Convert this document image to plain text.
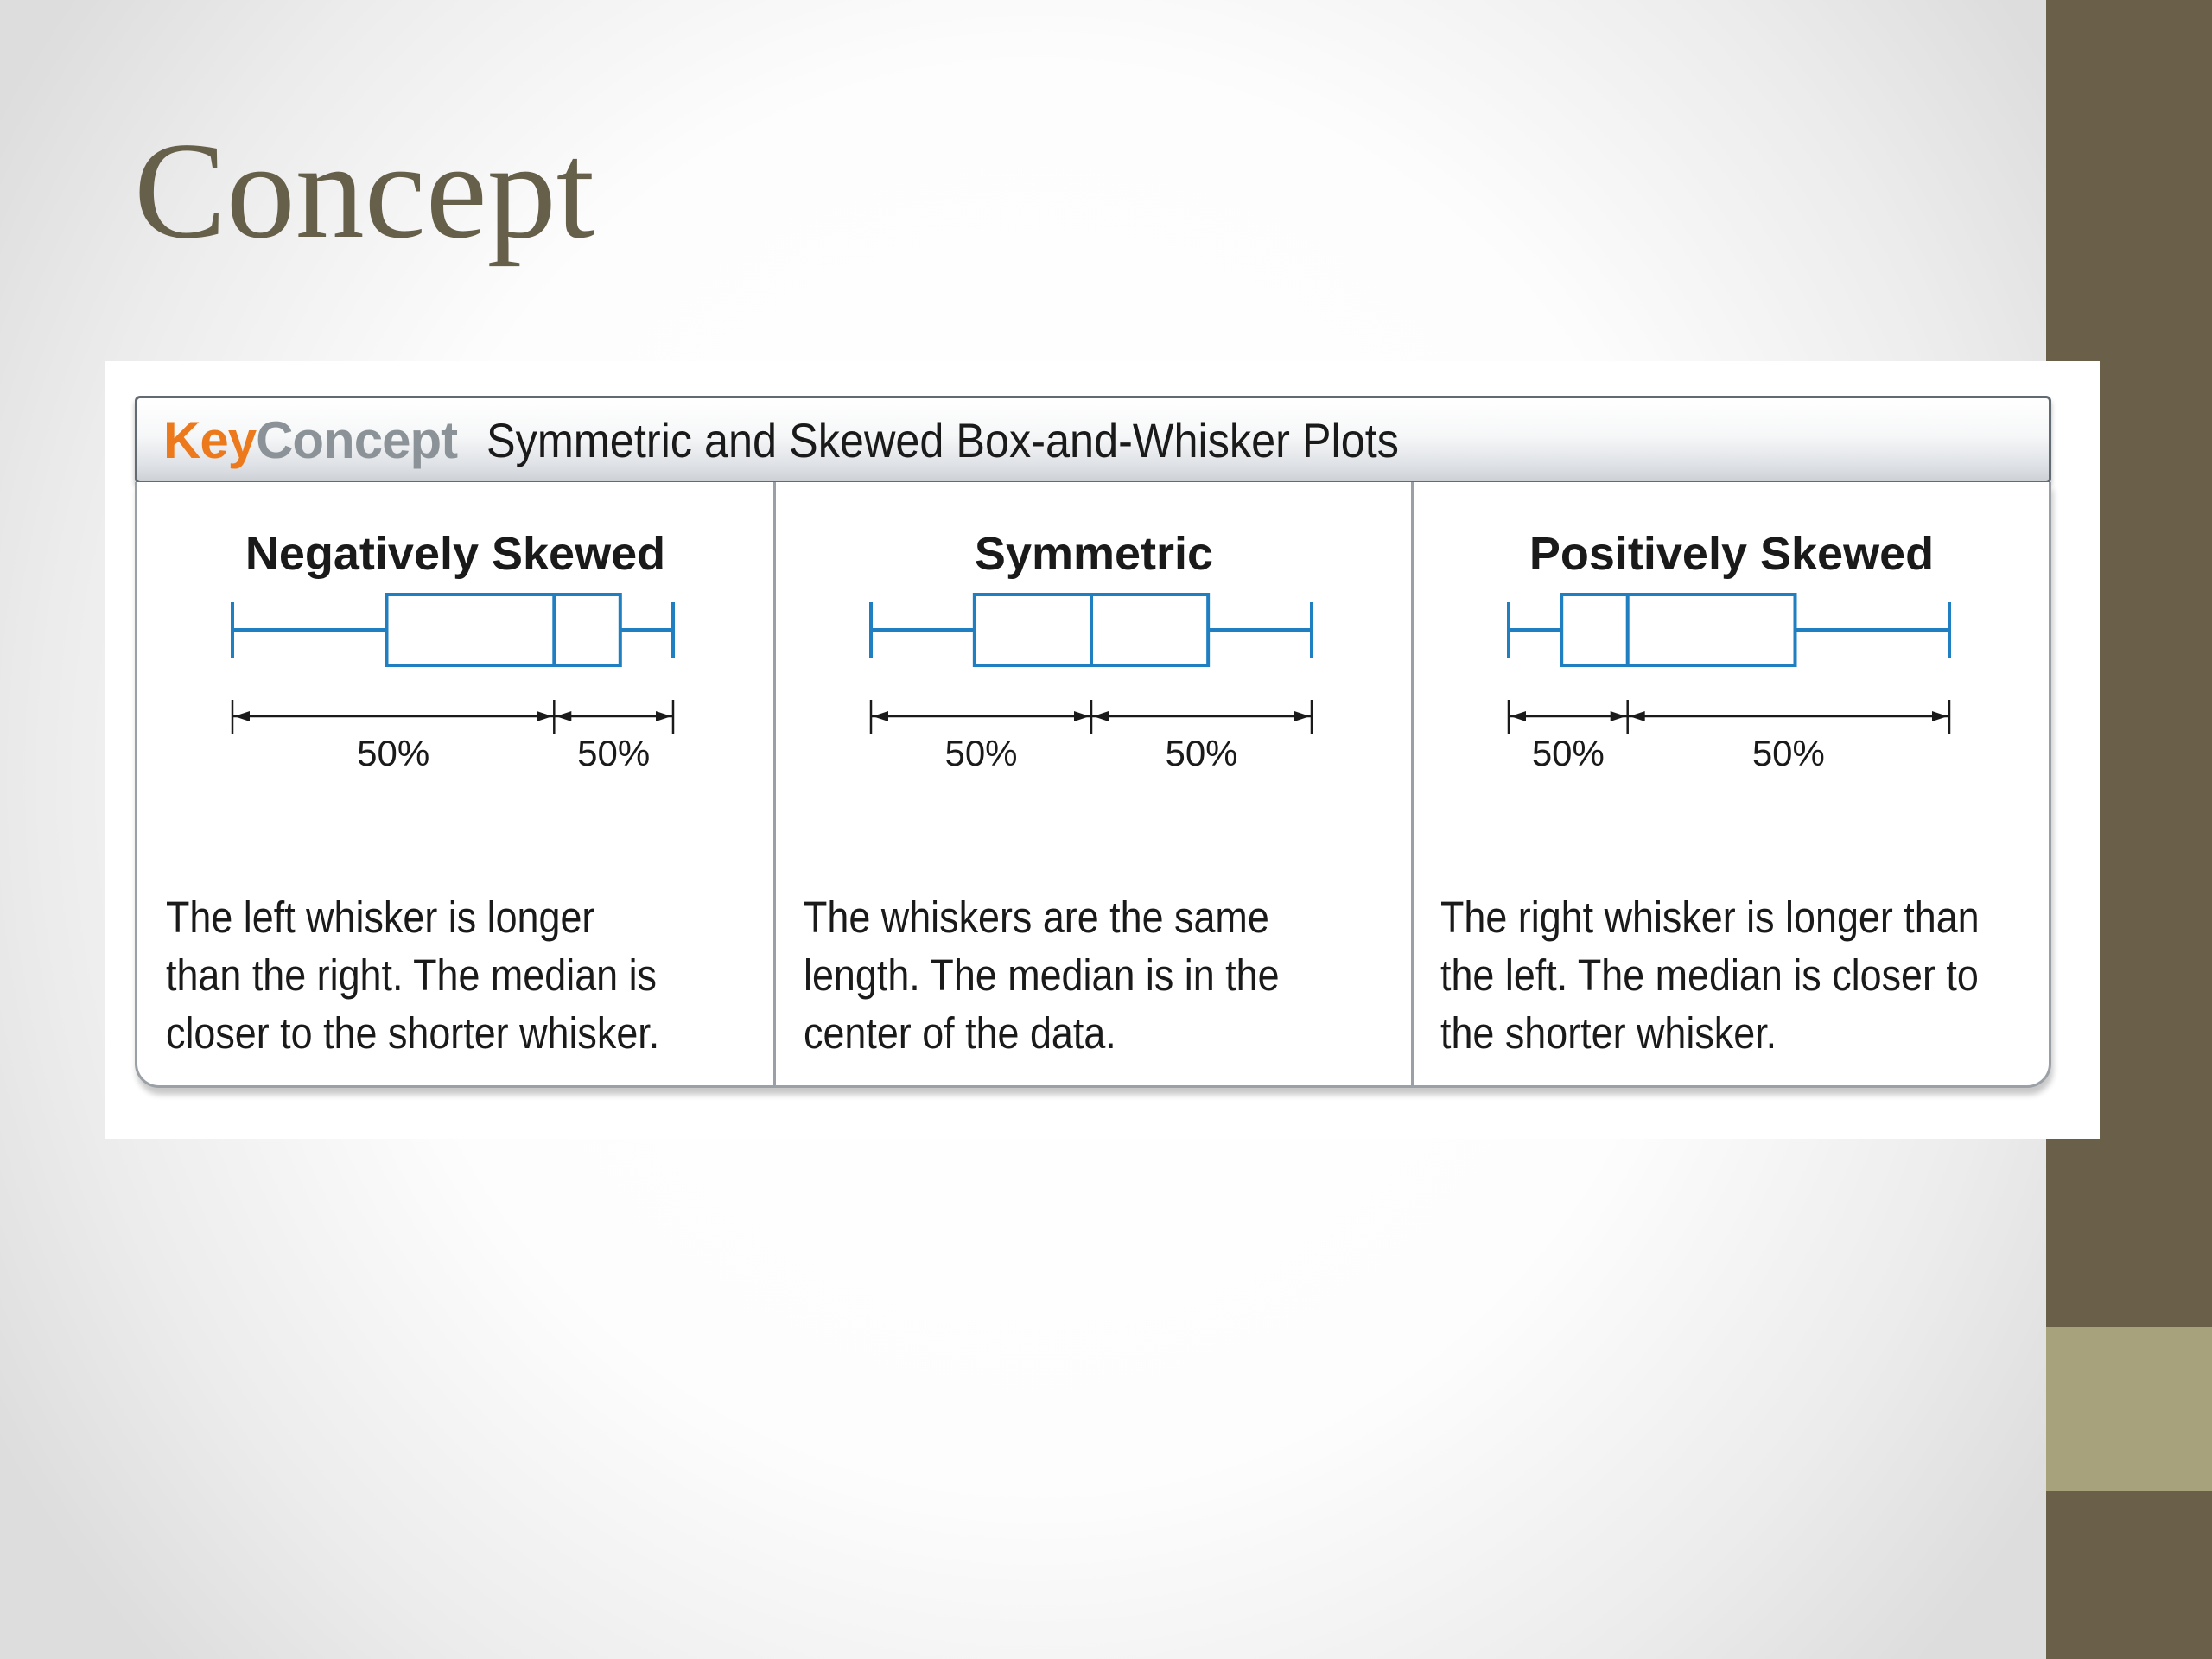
Concept
KeyConcept Symmetric and Skewed Box-and-Whisker Plots
Negatively Skewed
50%	50%
The left whisker is longer
than the right. The median is
closer to the shorter whisker.
Symmetric
50%	50%
The whiskers are the same
length. The median is in the
center of the data.
Positively Skewed
50%	50%
The right whisker is longer than
the left. The median is closer to
the shorter whisker.
